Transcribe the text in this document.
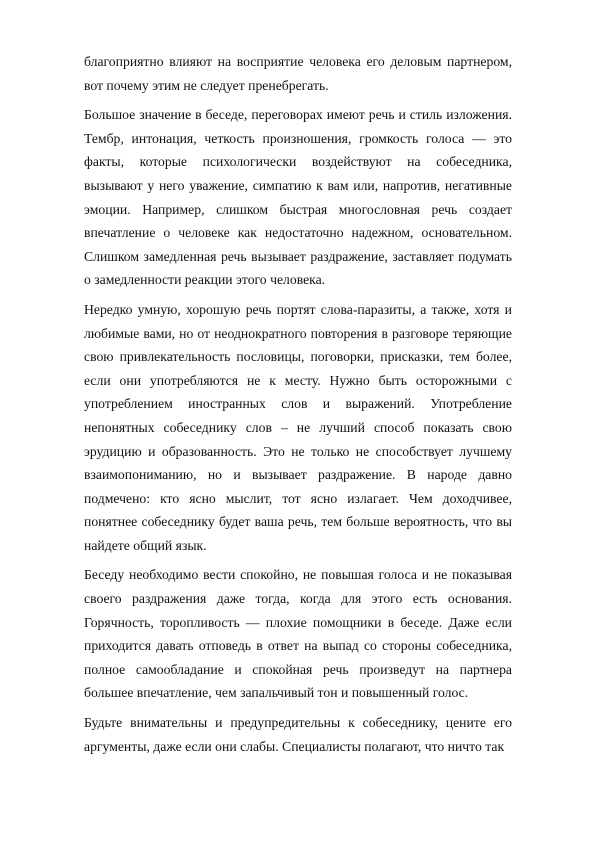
благоприятно влияют на восприятие человека его деловым партнером, вот почему этим не следует пренебрегать.

Большое значение в беседе, переговорах имеют речь и стиль изложения. Тембр, интонация, четкость произношения, громкость голоса — это факты, которые психологически воздействуют на собеседника, вызывают у него уважение, симпатию к вам или, напротив, негативные эмоции. Например, слишком быстрая многословная речь создает впечатление о человеке как недостаточно надежном, основательном. Слишком замедленная речь вызывает раздражение, заставляет подумать о замедленности реакции этого человека.

Нередко умную, хорошую речь портят слова-паразиты, а также, хотя и любимые вами, но от неоднократного повторения в разговоре теряющие свою привлекательность пословицы, поговорки, присказки, тем более, если они употребляются не к месту. Нужно быть осторожными с употреблением иностранных слов и выражений. Употребление непонятных собеседнику слов – не лучший способ показать свою эрудицию и образованность. Это не только не способствует лучшему взаимопониманию, но и вызывает раздражение. В народе давно подмечено: кто ясно мыслит, тот ясно излагает. Чем доходчивее, понятнее собеседнику будет ваша речь, тем больше вероятность, что вы найдете общий язык.

Беседу необходимо вести спокойно, не повышая голоса и не показывая своего раздражения даже тогда, когда для этого есть основания. Горячность, торопливость — плохие помощники в беседе. Даже если приходится давать отповедь в ответ на выпад со стороны собеседника, полное самообладание и спокойная речь произведут на партнера большее впечатление, чем запальчивый тон и повышенный голос.

Будьте внимательны и предупредительны к собеседнику, цените его аргументы, даже если они слабы. Специалисты полагают, что ничто так
